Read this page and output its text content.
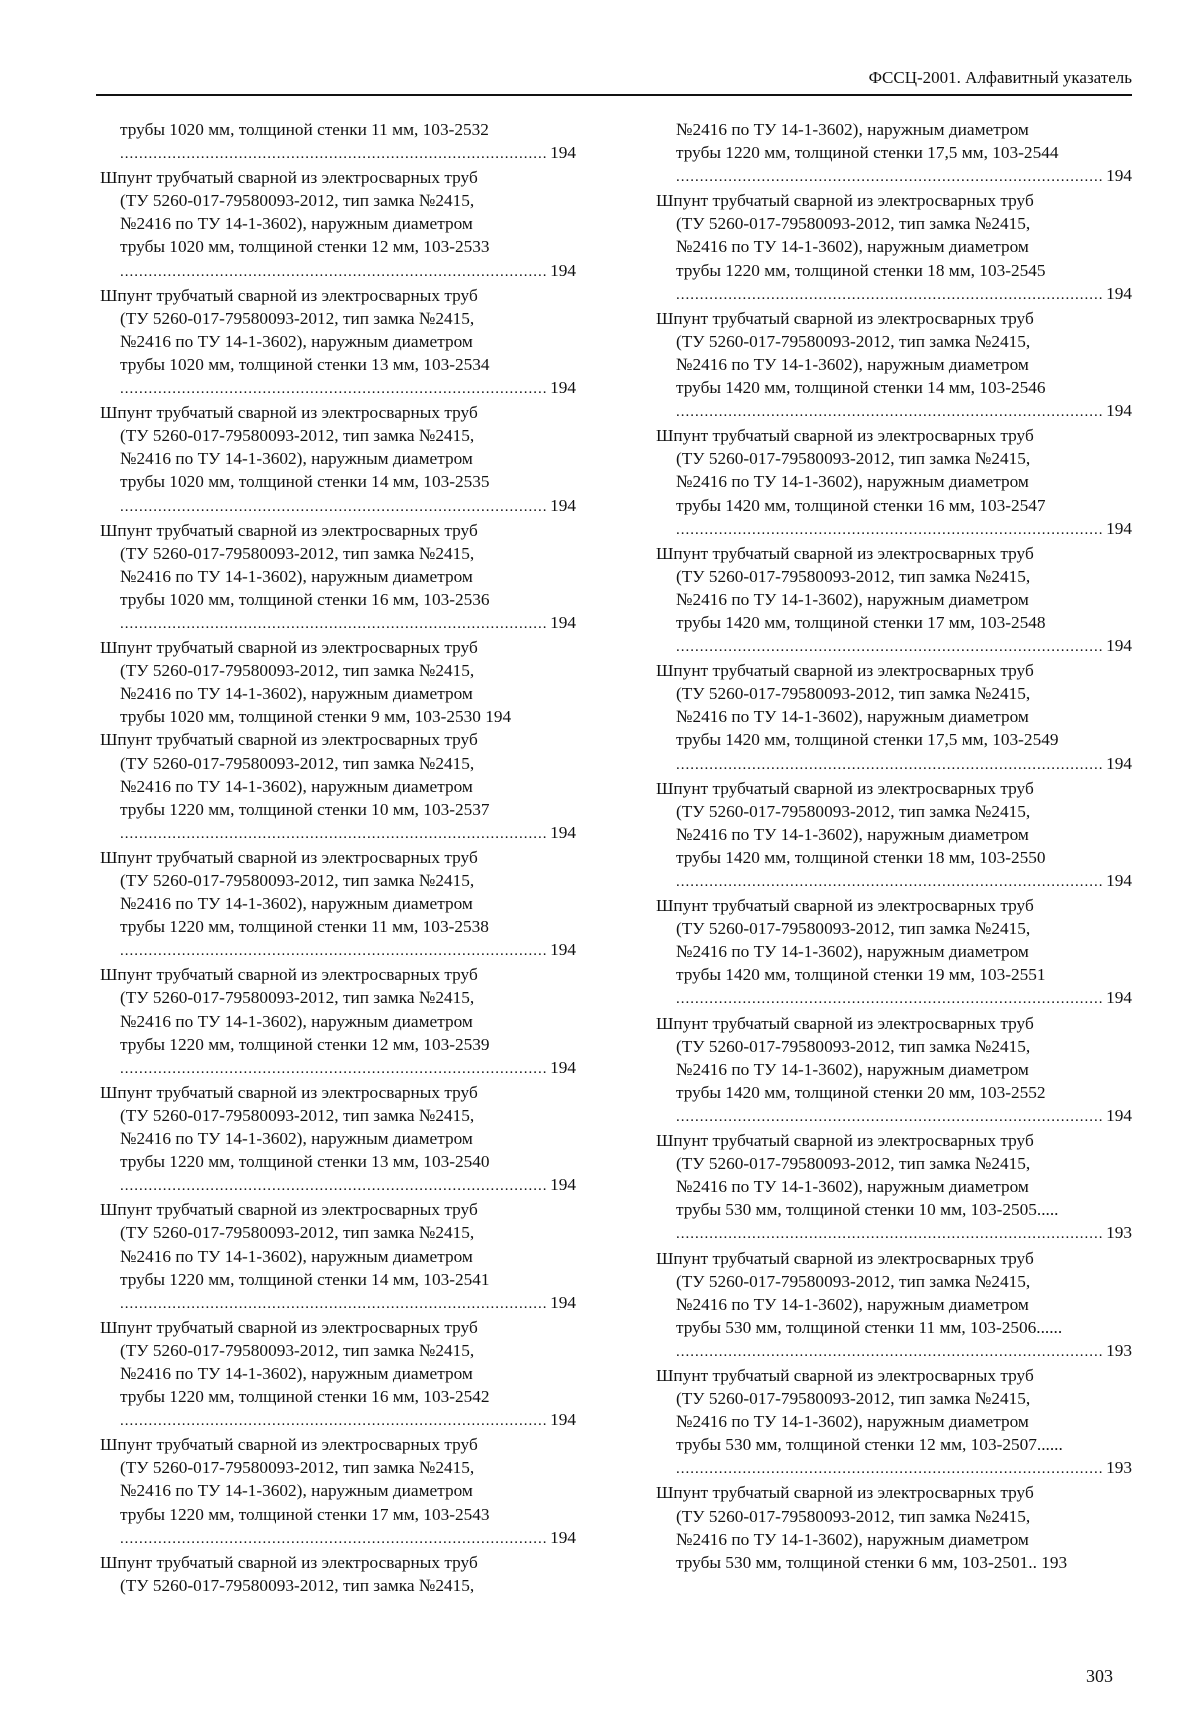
ФССЦ-2001. Алфавитный указатель
трубы 1020 мм, толщиной стенки 11 мм, 103-2532
.....
194
Шпунт трубчатый сварной из электросварных труб
(ТУ 5260-017-79580093-2012, тип замка №2415,
№2416 по ТУ 14-1-3602), наружным диаметром
трубы 1020 мм, толщиной стенки 12 мм, 103-2533
.....
194
Шпунт трубчатый сварной из электросварных труб
(ТУ 5260-017-79580093-2012, тип замка №2415,
№2416 по ТУ 14-1-3602), наружным диаметром
трубы 1020 мм, толщиной стенки 13 мм, 103-2534
.....
194
Шпунт трубчатый сварной из электросварных труб
(ТУ 5260-017-79580093-2012, тип замка №2415,
№2416 по ТУ 14-1-3602), наружным диаметром
трубы 1020 мм, толщиной стенки 14 мм, 103-2535
.....
194
Шпунт трубчатый сварной из электросварных труб
(ТУ 5260-017-79580093-2012, тип замка №2415,
№2416 по ТУ 14-1-3602), наружным диаметром
трубы 1020 мм, толщиной стенки 16 мм, 103-2536
.....
194
Шпунт трубчатый сварной из электросварных труб
(ТУ 5260-017-79580093-2012, тип замка №2415,
№2416 по ТУ 14-1-3602), наружным диаметром
трубы 1020 мм, толщиной стенки 9 мм, 103-2530 194
Шпунт трубчатый сварной из электросварных труб
(ТУ 5260-017-79580093-2012, тип замка №2415,
№2416 по ТУ 14-1-3602), наружным диаметром
трубы 1220 мм, толщиной стенки 10 мм, 103-2537
.....
194
Шпунт трубчатый сварной из электросварных труб
(ТУ 5260-017-79580093-2012, тип замка №2415,
№2416 по ТУ 14-1-3602), наружным диаметром
трубы 1220 мм, толщиной стенки 11 мм, 103-2538
.....
194
Шпунт трубчатый сварной из электросварных труб
(ТУ 5260-017-79580093-2012, тип замка №2415,
№2416 по ТУ 14-1-3602), наружным диаметром
трубы 1220 мм, толщиной стенки 12 мм, 103-2539
.....
194
Шпунт трубчатый сварной из электросварных труб
(ТУ 5260-017-79580093-2012, тип замка №2415,
№2416 по ТУ 14-1-3602), наружным диаметром
трубы 1220 мм, толщиной стенки 13 мм, 103-2540
.....
194
Шпунт трубчатый сварной из электросварных труб
(ТУ 5260-017-79580093-2012, тип замка №2415,
№2416 по ТУ 14-1-3602), наружным диаметром
трубы 1220 мм, толщиной стенки 14 мм, 103-2541
.....
194
Шпунт трубчатый сварной из электросварных труб
(ТУ 5260-017-79580093-2012, тип замка №2415,
№2416 по ТУ 14-1-3602), наружным диаметром
трубы 1220 мм, толщиной стенки 16 мм, 103-2542
.....
194
Шпунт трубчатый сварной из электросварных труб
(ТУ 5260-017-79580093-2012, тип замка №2415,
№2416 по ТУ 14-1-3602), наружным диаметром
трубы 1220 мм, толщиной стенки 17 мм, 103-2543
.....
194
Шпунт трубчатый сварной из электросварных труб
(ТУ 5260-017-79580093-2012, тип замка №2415,
№2416 по ТУ 14-1-3602), наружным диаметром
трубы 1220 мм, толщиной стенки 17,5 мм, 103-2544
.....
194
Шпунт трубчатый сварной из электросварных труб
(ТУ 5260-017-79580093-2012, тип замка №2415,
№2416 по ТУ 14-1-3602), наружным диаметром
трубы 1220 мм, толщиной стенки 18 мм, 103-2545
.....
194
Шпунт трубчатый сварной из электросварных труб
(ТУ 5260-017-79580093-2012, тип замка №2415,
№2416 по ТУ 14-1-3602), наружным диаметром
трубы 1420 мм, толщиной стенки 14 мм, 103-2546
.....
194
Шпунт трубчатый сварной из электросварных труб
(ТУ 5260-017-79580093-2012, тип замка №2415,
№2416 по ТУ 14-1-3602), наружным диаметром
трубы 1420 мм, толщиной стенки 16 мм, 103-2547
.....
194
Шпунт трубчатый сварной из электросварных труб
(ТУ 5260-017-79580093-2012, тип замка №2415,
№2416 по ТУ 14-1-3602), наружным диаметром
трубы 1420 мм, толщиной стенки 17 мм, 103-2548
.....
194
Шпунт трубчатый сварной из электросварных труб
(ТУ 5260-017-79580093-2012, тип замка №2415,
№2416 по ТУ 14-1-3602), наружным диаметром
трубы 1420 мм, толщиной стенки 17,5 мм, 103-2549
.....
194
Шпунт трубчатый сварной из электросварных труб
(ТУ 5260-017-79580093-2012, тип замка №2415,
№2416 по ТУ 14-1-3602), наружным диаметром
трубы 1420 мм, толщиной стенки 18 мм, 103-2550
.....
194
Шпунт трубчатый сварной из электросварных труб
(ТУ 5260-017-79580093-2012, тип замка №2415,
№2416 по ТУ 14-1-3602), наружным диаметром
трубы 1420 мм, толщиной стенки 19 мм, 103-2551
.....
194
Шпунт трубчатый сварной из электросварных труб
(ТУ 5260-017-79580093-2012, тип замка №2415,
№2416 по ТУ 14-1-3602), наружным диаметром
трубы 1420 мм, толщиной стенки 20 мм, 103-2552
.....
194
Шпунт трубчатый сварной из электросварных труб
(ТУ 5260-017-79580093-2012, тип замка №2415,
№2416 по ТУ 14-1-3602), наружным диаметром
трубы 530 мм, толщиной стенки 10 мм, 103-2505.....
.....
193
Шпунт трубчатый сварной из электросварных труб
(ТУ 5260-017-79580093-2012, тип замка №2415,
№2416 по ТУ 14-1-3602), наружным диаметром
трубы 530 мм, толщиной стенки 11 мм, 103-2506......
.....
193
Шпунт трубчатый сварной из электросварных труб
(ТУ 5260-017-79580093-2012, тип замка №2415,
№2416 по ТУ 14-1-3602), наружным диаметром
трубы 530 мм, толщиной стенки 12 мм, 103-2507......
.....
193
Шпунт трубчатый сварной из электросварных труб
(ТУ 5260-017-79580093-2012, тип замка №2415,
№2416 по ТУ 14-1-3602), наружным диаметром
трубы 530 мм, толщиной стенки 6 мм, 103-2501.. 193
303
